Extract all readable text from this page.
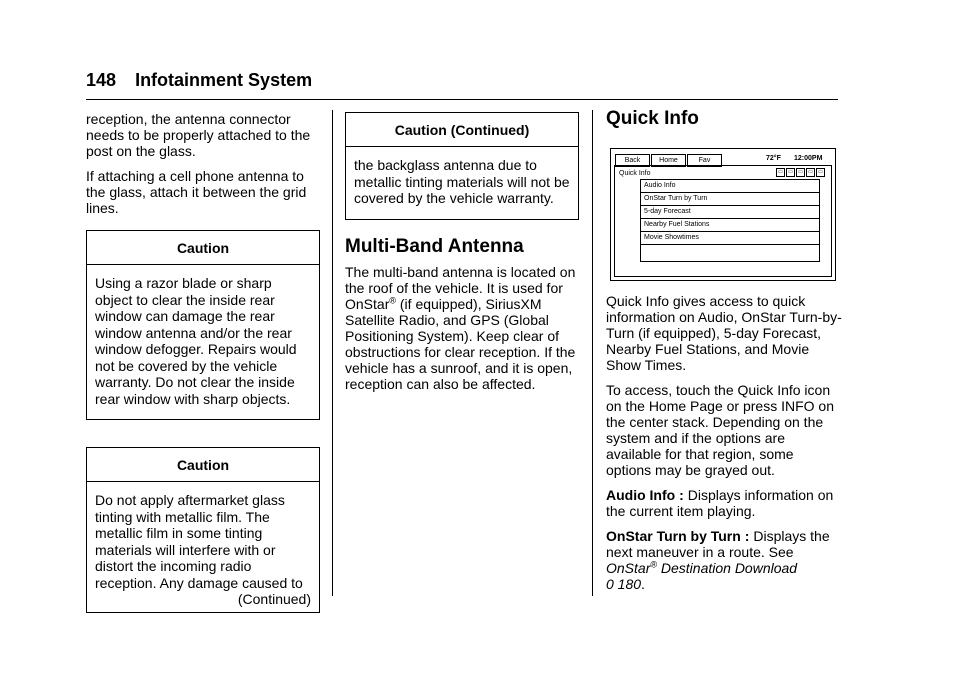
148 Infotainment System

reception, the antenna connector needs to be properly attached to the post on the glass.

If attaching a cell phone antenna to the glass, attach it between the grid lines.

Caution

Using a razor blade or sharp object to clear the inside rear window can damage the rear window antenna and/or the rear window defogger. Repairs would not be covered by the vehicle warranty. Do not clear the inside rear window with sharp objects.

Caution

Do not apply aftermarket glass tinting with metallic film. The metallic film in some tinting materials will interfere with or distort the incoming radio reception. Any damage caused to

(Continued)

Caution (Continued)

the backglass antenna due to metallic tinting materials will not be covered by the vehicle warranty.

Multi-Band Antenna

The multi-band antenna is located on the roof of the vehicle. It is used for OnStar® (if equipped), SiriusXM Satellite Radio, and GPS (Global Positioning System). Keep clear of obstructions for clear reception. If the vehicle has a sunroof, and it is open, reception can also be affected.

Quick Info
Back	Home	Fav	72°F 12:00PM
Quick Info	▭ ▭ ▭ ▭ ▭
Audio Info
OnStar Turn by Turn
5-day Forecast
Nearby Fuel Stations
Movie Showtimes

Quick Info gives access to quick information on Audio, OnStar Turn-by-Turn (if equipped), 5-day Forecast, Nearby Fuel Stations, and Movie Show Times.

To access, touch the Quick Info icon on the Home Page or press INFO on the center stack. Depending on the system and if the options are available for that region, some options may be grayed out.

Audio Info : Displays information on the current item playing.

OnStar Turn by Turn : Displays the next maneuver in a route. See
OnStar® Destination Download
0 180.
